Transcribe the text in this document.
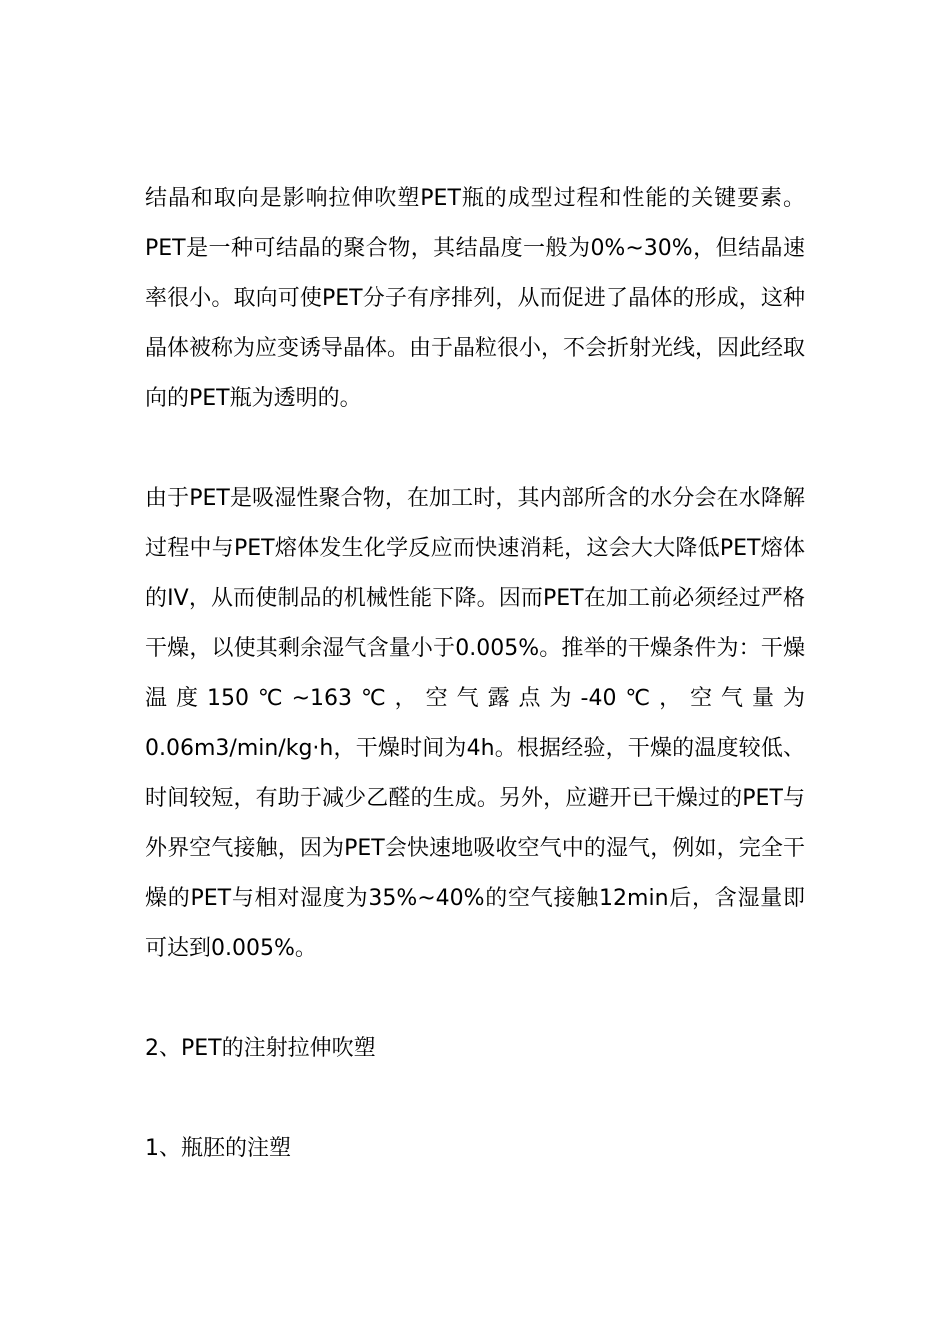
结晶和取向是影响拉伸吹塑PET瓶的成型过程和性能的关键要素。PET是一种可结晶的聚合物，其结晶度一般为0%~30%，但结晶速率很小。取向可使PET分子有序排列，从而促进了晶体的形成，这种晶体被称为应变诱导晶体。由于晶粒很小，不会折射光线，因此经取向的PET瓶为透明的。

由于PET是吸湿性聚合物，在加工时，其内部所含的水分会在水降解过程中与PET熔体发生化学反应而快速消耗，这会大大降低PET熔体的IV，从而使制品的机械性能下降。因而PET在加工前必须经过严格干燥，以使其剩余湿气含量小于0.005%。推举的干燥条件为：干燥温度150℃~163℃，空气露点为-40℃，空气量为0.06m3/min/kg·h，干燥时间为4h。根据经验，干燥的温度较低、时间较短，有助于减少乙醛的生成。另外，应避开已干燥过的PET与外界空气接触，因为PET会快速地吸收空气中的湿气，例如，完全干燥的PET与相对湿度为35%~40%的空气接触12min后，含湿量即可达到0.005%。

2、PET的注射拉伸吹塑

1、瓶胚的注塑
